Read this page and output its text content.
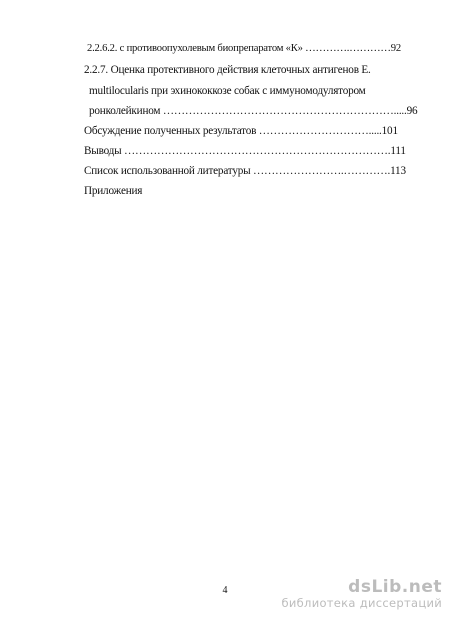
2.2.6.2. с противоопухолевым биопрепаратом «К» ………….…………92
2.2.7. Оценка протективного действия клеточных антигенов E.
multilocularis при эхинококкозе собак с иммуномодулятором
ронколейкином ……………………………………………………….....96
Обсуждение полученных результатов ………………………….....101
Выводы ……………………………………………………………….111
Список использованной литературы …………………….………….113
Приложения
4	dsLib.net
библиотека диссертаций
